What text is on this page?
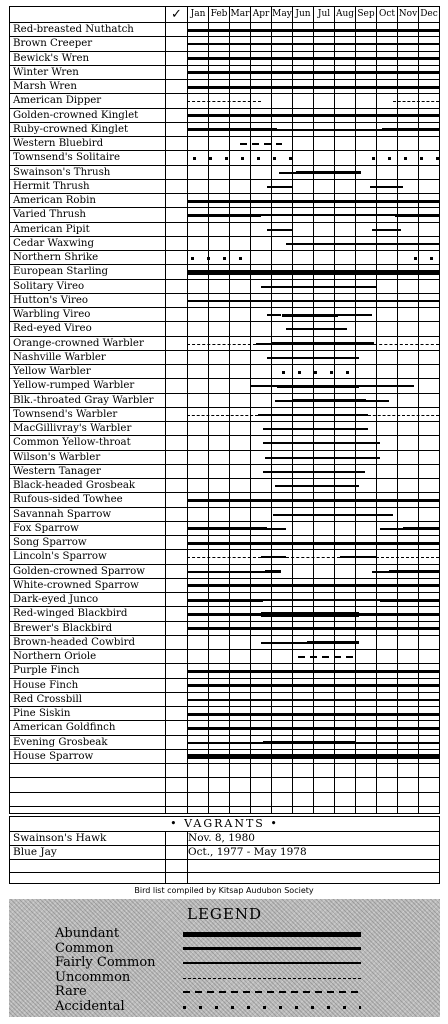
✓ Jan Feb Mar Apr May Jun Jul Aug Sep Oct Nov Dec
Red-breasted Nuthatch
Brown Creeper
Bewick's Wren
Winter Wren
Marsh Wren
American Dipper
Golden-crowned Kinglet
Ruby-crowned Kinglet
Western Bluebird
Townsend's Solitaire
Swainson's Thrush
Hermit Thrush
American Robin
Varied Thrush
American Pipit
Cedar Waxwing
Northern Shrike
European Starling
Solitary Vireo
Hutton's Vireo
Warbling Vireo
Red-eyed Vireo
Orange-crowned Warbler
Nashville Warbler
Yellow Warbler
Yellow-rumped Warbler
Blk.-throated Gray Warbler
Townsend's Warbler
MacGillivray's Warbler
Common Yellow-throat
Wilson's Warbler
Western Tanager
Black-headed Grosbeak
Rufous-sided Towhee
Savannah Sparrow
Fox Sparrow
Song Sparrow
Lincoln's Sparrow
Golden-crowned Sparrow
White-crowned Sparrow
Dark-eyed Junco
Red-winged Blackbird
Brewer's Blackbird
Brown-headed Cowbird
Northern Oriole
Purple Finch
House Finch
Red Crossbill
Pine Siskin
American Goldfinch
Evening Grosbeak
House Sparrow
• VAGRANTS •
Swainson's Hawk	Nov. 8, 1980
Blue Jay	Oct., 1977 - May 1978
Bird list compiled by Kitsap Audubon Society
LEGEND
Abundant
Common
Fairly Common
Uncommon
Rare
Accidental
